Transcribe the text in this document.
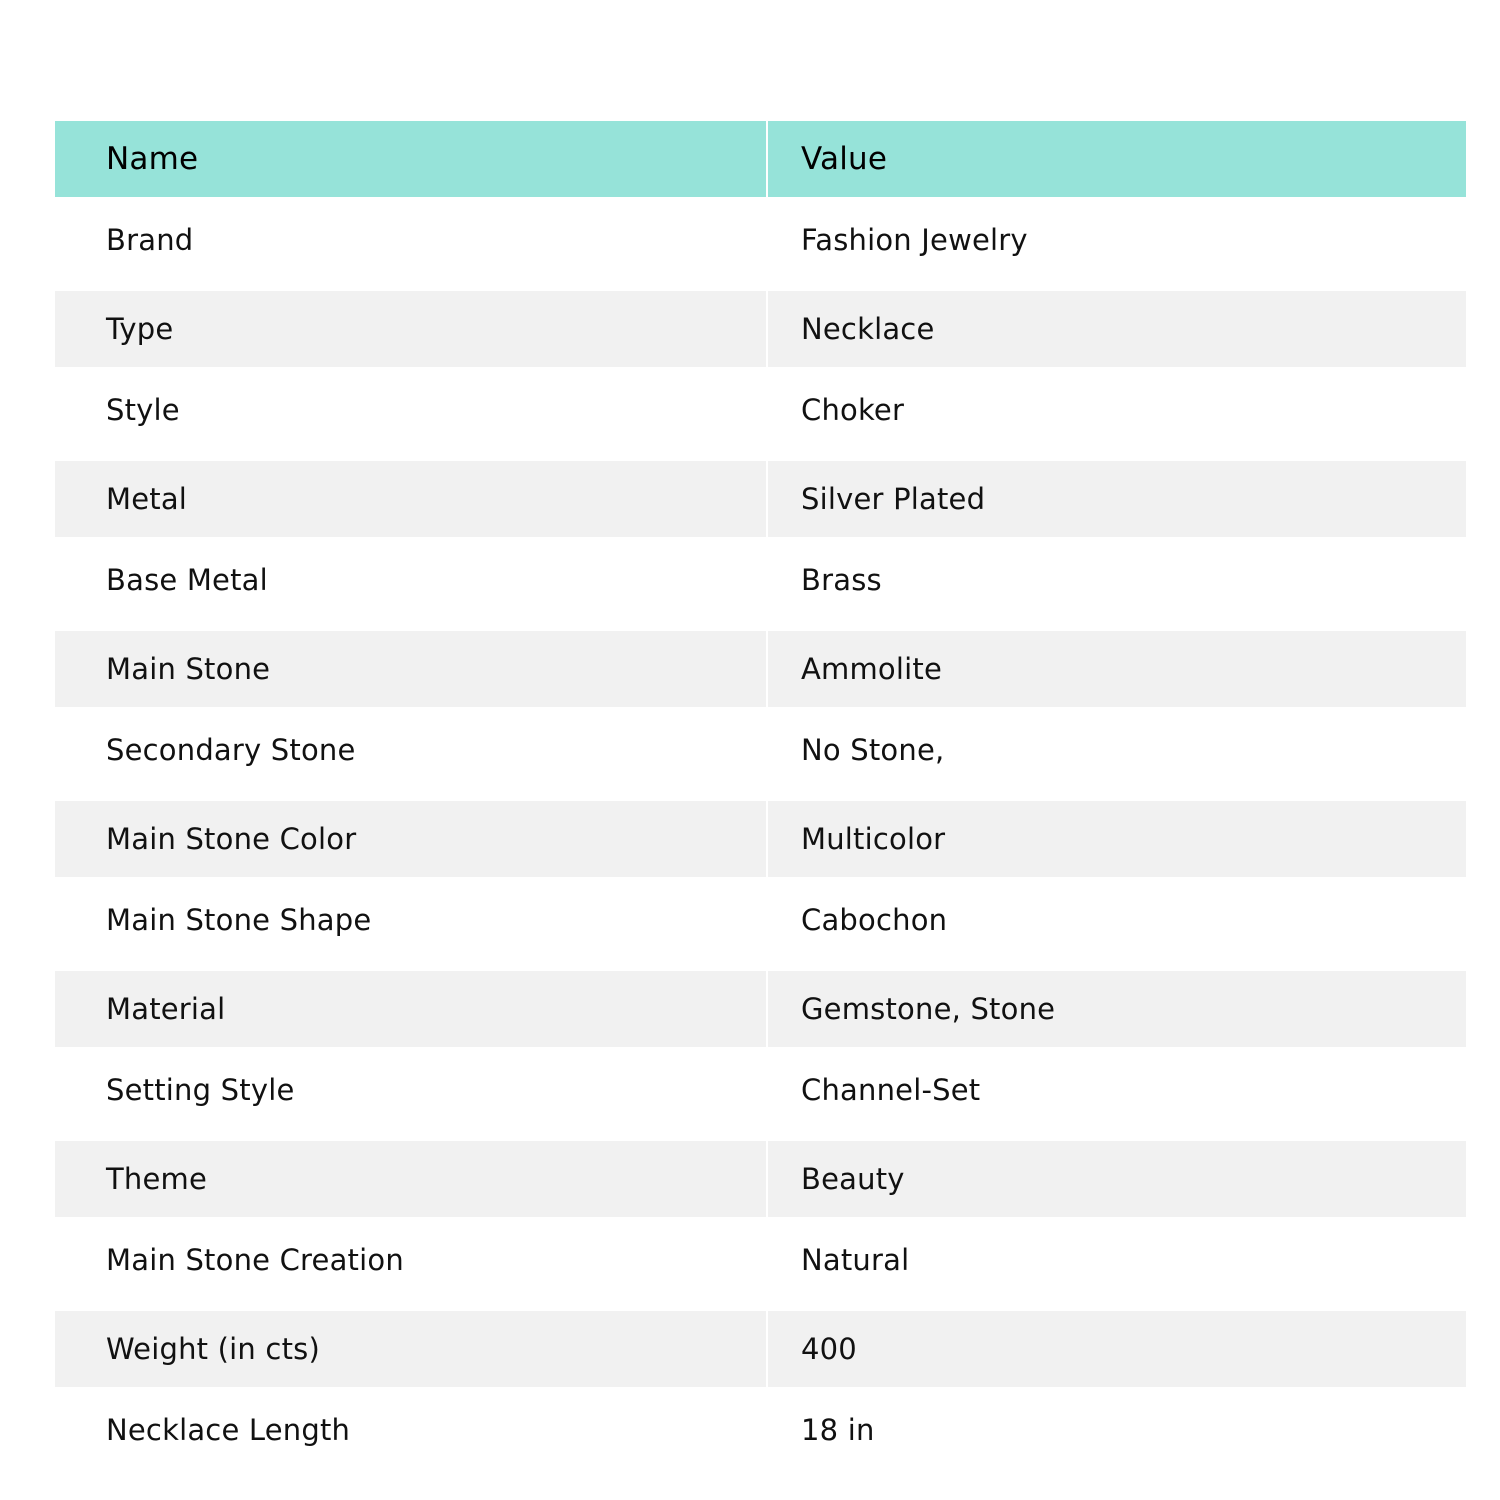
Name	Value
Brand	Fashion Jewelry
Type	Necklace
Style	Choker
Metal	Silver Plated
Base Metal	Brass
Main Stone	Ammolite
Secondary Stone	No Stone,
Main Stone Color	Multicolor
Main Stone Shape	Cabochon
Material	Gemstone, Stone
Setting Style	Channel-Set
Theme	Beauty
Main Stone Creation	Natural
Weight (in cts)	400
Necklace Length	18 in
